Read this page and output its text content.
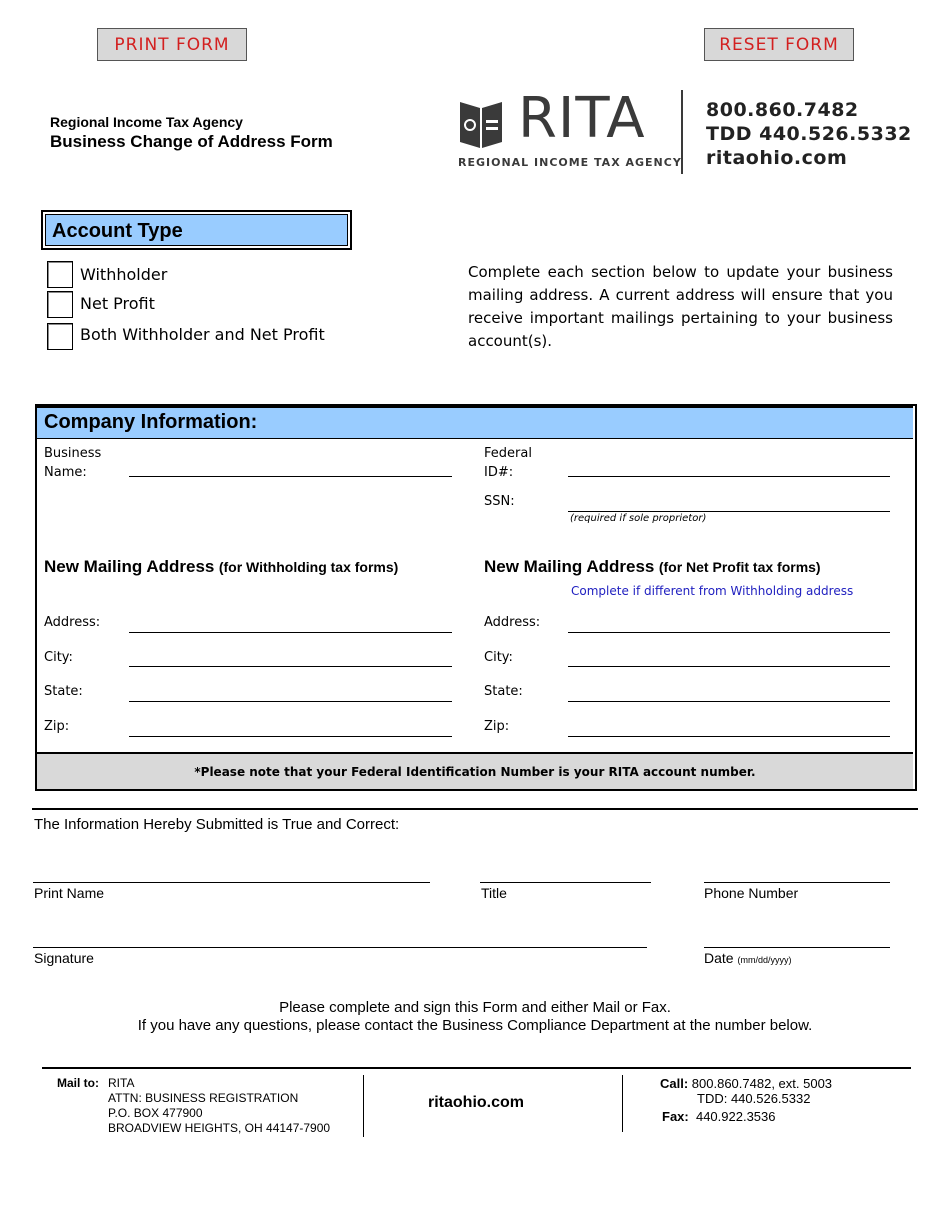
PRINT FORM	RESET FORM
Regional Income Tax Agency
Business Change of Address Form	RITA
REGIONAL INCOME TAX AGENCY
800.860.7482
TDD 440.526.5332
ritaohio.com
Account Type
Withholder
Net Profit
Both Withholder and Net Profit
Complete each section below to update your business mailing address. A current address will ensure that you receive important mailings pertaining to your business account(s).
Company Information:
Business
Name:
Federal
ID#:
SSN:
(required if sole proprietor)
New Mailing Address (for Withholding tax forms)	New Mailing Address (for Net Profit tax forms)
Complete if different from Withholding address
Address:
City:
State:
Zip:
Address:
City:
State:
Zip:
*Please note that your Federal Identification Number is your RITA account number.
The Information Hereby Submitted is True and Correct:
Print Name	Title	Phone Number
Signature	Date (mm/dd/yyyy)
Please complete and sign this Form and either Mail or Fax.
If you have any questions, please contact the Business Compliance Department at the number below.
Mail to: RITA
ATTN: BUSINESS REGISTRATION
P.O. BOX 477900
BROADVIEW HEIGHTS, OH 44147-7900
ritaohio.com
Call: 800.860.7482, ext. 5003
TDD: 440.526.5332
Fax: 440.922.3536
